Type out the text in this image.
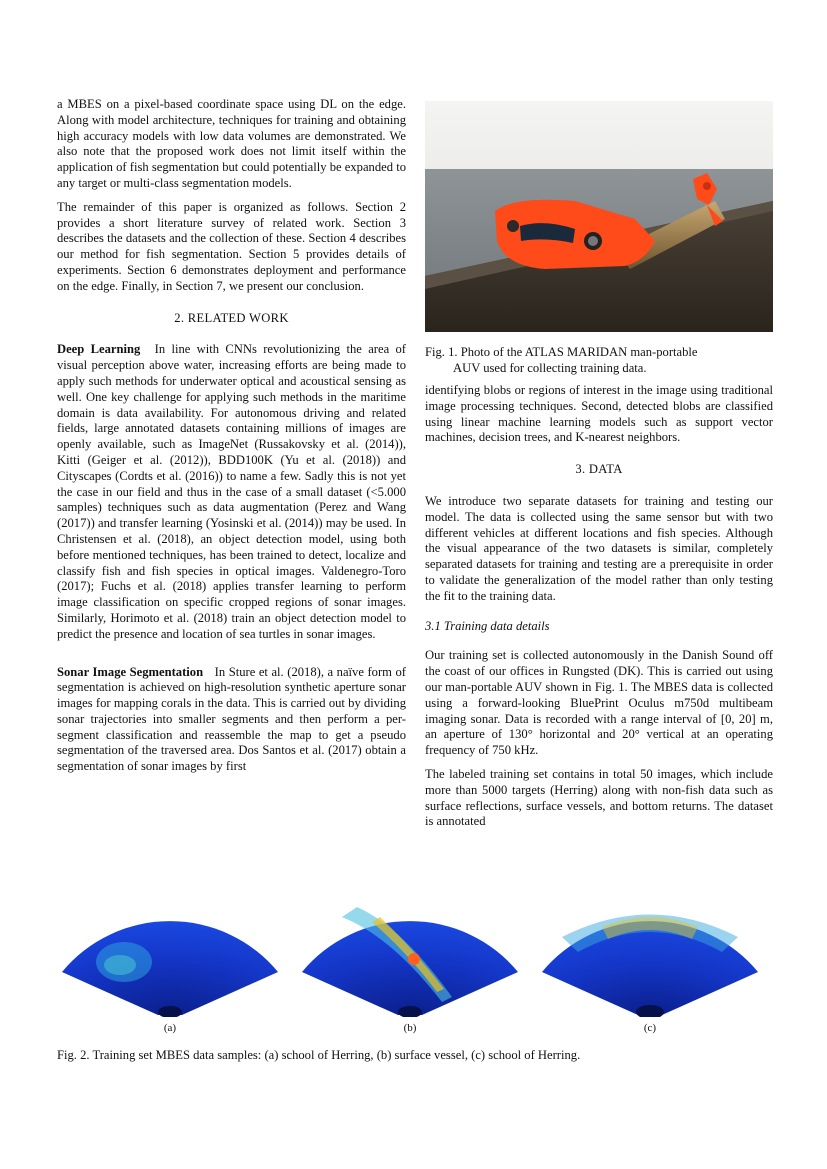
a MBES on a pixel-based coordinate space using DL on the edge. Along with model architecture, techniques for training and obtaining high accuracy models with low data volumes are demonstrated. We also note that the proposed work does not limit itself within the application of fish segmentation but could potentially be expanded to any target or multi-class segmentation models.

The remainder of this paper is organized as follows. Section 2 provides a short literature survey of related work. Section 3 describes the datasets and the collection of these. Section 4 describes our method for fish segmentation. Section 5 provides details of experiments. Section 6 demonstrates deployment and performance on the edge. Finally, in Section 7, we present our conclusion.

2. RELATED WORK

Deep Learning In line with CNNs revolutionizing the area of visual perception above water, increasing efforts are being made to apply such methods for underwater optical and acoustical sensing as well. One key challenge for applying such methods in the maritime domain is data availability. For autonomous driving and related fields, large annotated datasets containing millions of images are openly available, such as ImageNet (Russakovsky et al. (2014)), Kitti (Geiger et al. (2012)), BDD100K (Yu et al. (2018)) and Cityscapes (Cordts et al. (2016)) to name a few. Sadly this is not yet the case in our field and thus in the case of a small dataset (<5.000 samples) techniques such as data augmentation (Perez and Wang (2017)) and transfer learning (Yosinski et al. (2014)) may be used. In Christensen et al. (2018), an object detection model, using both before mentioned techniques, has been trained to detect, localize and classify fish and fish species in optical images. Valdenegro-Toro (2017); Fuchs et al. (2018) applies transfer learning to perform image classification on specific cropped regions of sonar images. Similarly, Horimoto et al. (2018) train an object detection model to predict the presence and location of sea turtles in sonar images.

Sonar Image Segmentation In Sture et al. (2018), a naïve form of segmentation is achieved on high-resolution synthetic aperture sonar images for mapping corals in the data. This is carried out by dividing sonar trajectories into smaller segments and then perform a per-segment classification and reassemble the map to get a pseudo segmentation of the traversed area. Dos Santos et al. (2017) obtain a segmentation of sonar images by first

Fig. 1. Photo of the ATLAS MARIDAN man-portable
AUV used for collecting training data.

identifying blobs or regions of interest in the image using traditional image processing techniques. Second, detected blobs are classified using linear machine learning models such as support vector machines, decision trees, and K-nearest neighbors.

3. DATA

We introduce two separate datasets for training and testing our model. The data is collected using the same sensor but with two different vehicles at different locations and fish species. Although the visual appearance of the two datasets is similar, completely separated datasets for training and testing are a prerequisite in order to validate the generalization of the model rather than only testing the fit to the training data.

3.1 Training data details

Our training set is collected autonomously in the Danish Sound off the coast of our offices in Rungsted (DK). This is carried out using our man-portable AUV shown in Fig. 1. The MBES data is collected using a forward-looking BluePrint Oculus m750d multibeam imaging sonar. Data is recorded with a range interval of [0, 20] m, an aperture of 130° horizontal and 20° vertical at an operating frequency of 750 kHz.

The labeled training set contains in total 50 images, which include more than 5000 targets (Herring) along with non-fish data such as surface reflections, surface vessels, and bottom returns. The dataset is annotated

(a)	(b)	(c)
Fig. 2. Training set MBES data samples: (a) school of Herring, (b) surface vessel, (c) school of Herring.
